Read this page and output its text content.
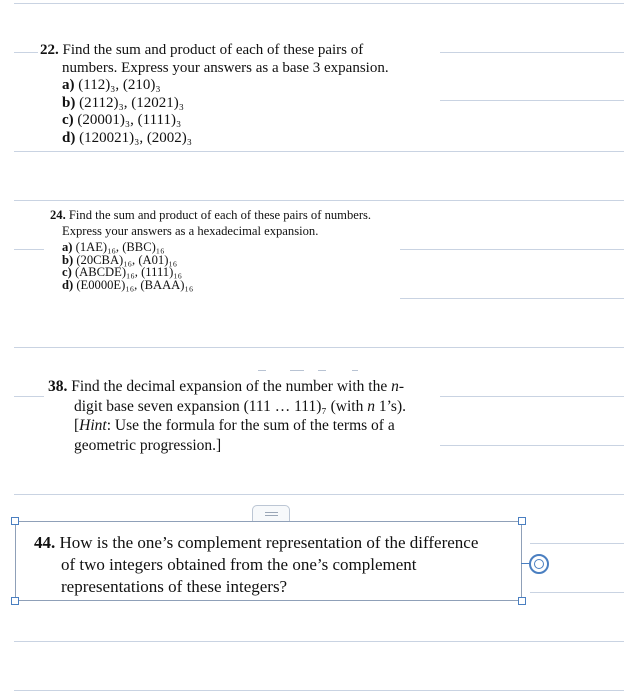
22. Find the sum and product of each of these pairs of numbers. Express your answers as a base 3 expansion.

a) (112)₃, (210)₃

b) (2112)₃, (12021)₃

c) (20001)₃, (1111)₃

d) (120021)₃, (2002)₃

24. Find the sum and product of each of these pairs of numbers. Express your answers as a hexadecimal expansion.

a) (1AE)₁₆, (BBC)₁₆

b) (20CBA)₁₆, (A01)₁₆

c) (ABCDE)₁₆, (1111)₁₆

d) (E0000E)₁₆, (BAAA)₁₆

38. Find the decimal expansion of the number with the n-digit base seven expansion (111 … 111)₇ (with n 1’s). [Hint: Use the formula for the sum of the terms of a geometric progression.]

44. How is the one’s complement representation of the difference of two integers obtained from the one’s complement representations of these integers?
